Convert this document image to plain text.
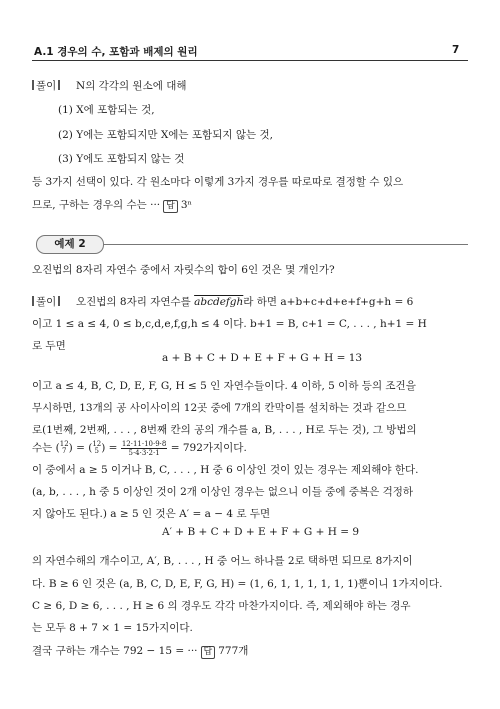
A.1 경우의 수, 포함과 배제의 원리	7
풀이	N의 각각의 원소에 대해
(1) X에 포함되는 것,
(2) Y에는 포함되지만 X에는 포함되지 않는 것,
(3) Y에도 포함되지 않는 것
등 3가지 선택이 있다. 각 원소마다 이렇게 3가지 경우를 따로따로 결정할 수 있으
므로, 구하는 경우의 수는 ··· 답 3ⁿ
예제 2
오진법의 8자리 자연수 중에서 자릿수의 합이 6인 것은 몇 개인가?
풀이	오진법의 8자리 자연수를 abcdefgh라 하면 a+b+c+d+e+f+g+h = 6
이고 1 ≤ a ≤ 4, 0 ≤ b,c,d,e,f,g,h ≤ 4 이다. b+1 = B, c+1 = C, . . . , h+1 = H
로 두면
a + B + C + D + E + F + G + H = 13
이고 a ≤ 4, B, C, D, E, F, G, H ≤ 5 인 자연수들이다. 4 이하, 5 이하 등의 조건을
무시하면, 13개의 공 사이사이의 12곳 중에 7개의 칸막이를 설치하는 것과 같으므
로(1번째, 2번째, . . . , 8번째 칸의 공의 개수를 a, B, . . . , H로 두는 것), 그 방법의
수는 ( 12
7 ) = ( 12
5 ) = $\frac{12\cdot 11\cdot 10\cdot 9\cdot 8}{5\cdot 4\cdot 3\cdot 2\cdot 1} = 792$가지이다.
이 중에서 a ≥ 5 이거나 B, C, . . . , H 중 6 이상인 것이 있는 경우는 제외해야 한다.
(a, b, . . . , h 중 5 이상인 것이 2개 이상인 경우는 없으니 이들 중에 중복은 걱정하
지 않아도 된다.) a ≥ 5 인 것은 A′ = a − 4 로 두면
A′ + B + C + D + E + F + G + H = 9
의 자연수해의 개수이고, A′, B, . . . , H 중 어느 하나를 2로 택하면 되므로 8가지이
다. B ≥ 6 인 것은 (a, B, C, D, E, F, G, H) = (1, 6, 1, 1, 1, 1, 1, 1)뿐이니 1가지이다.
C ≥ 6, D ≥ 6, . . . , H ≥ 6 의 경우도 각각 마찬가지이다. 즉, 제외해야 하는 경우
는 모두 8 + 7 × 1 = 15가지이다.
결국 구하는 개수는 792 − 15 = ··· 답 777개
